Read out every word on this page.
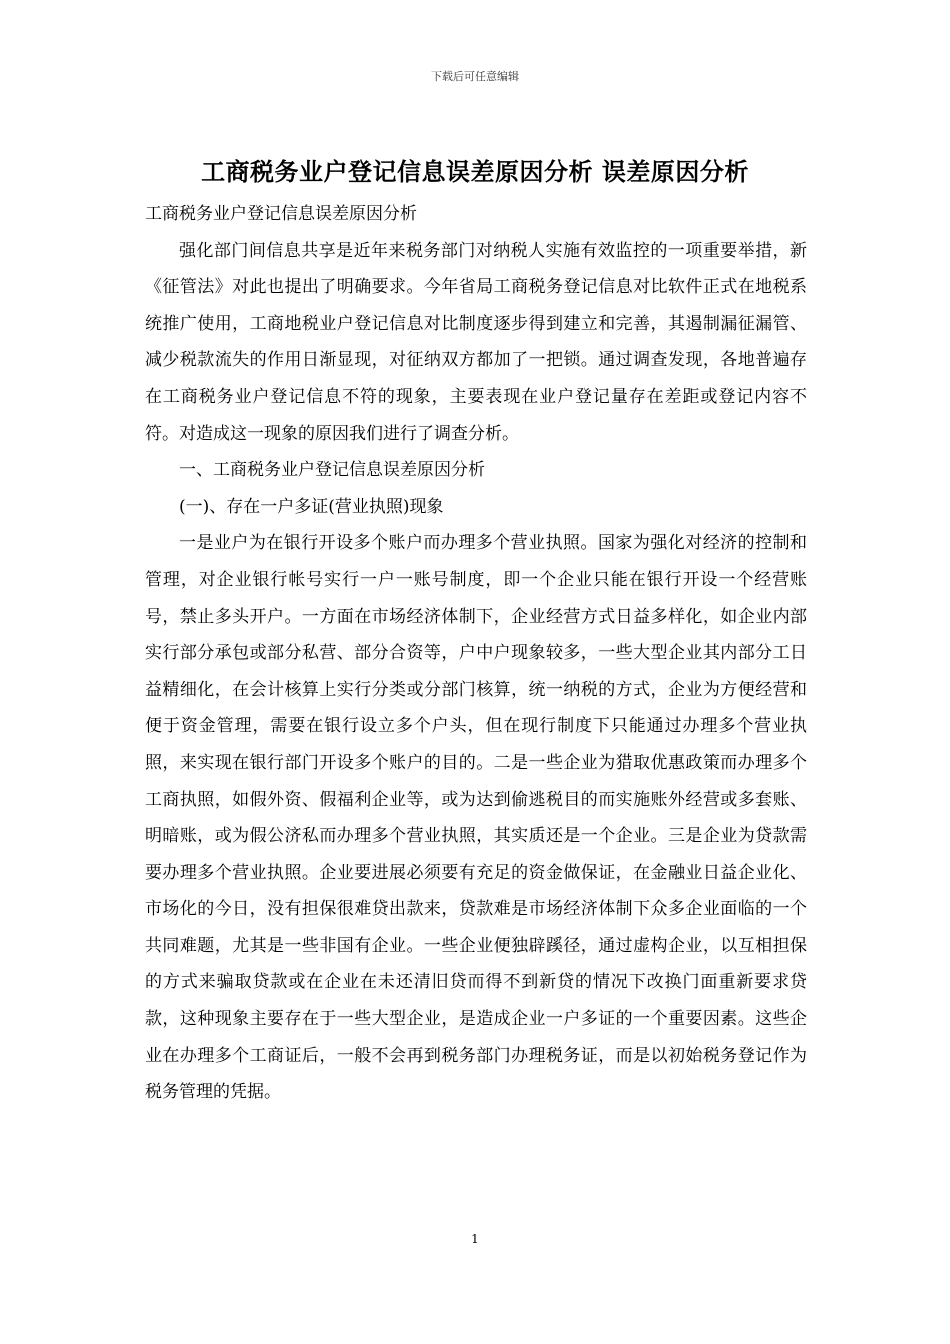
下载后可任意编辑
工商税务业户登记信息误差原因分析 误差原因分析

工商税务业户登记信息误差原因分析

强化部门间信息共享是近年来税务部门对纳税人实施有效监控的一项重要举措，新《征管法》对此也提出了明确要求。今年省局工商税务登记信息对比软件正式在地税系统推广使用，工商地税业户登记信息对比制度逐步得到建立和完善，其遏制漏征漏管、减少税款流失的作用日渐显现，对征纳双方都加了一把锁。通过调查发现，各地普遍存在工商税务业户登记信息不符的现象，主要表现在业户登记量存在差距或登记内容不符。对造成这一现象的原因我们进行了调查分析。

一、工商税务业户登记信息误差原因分析

(一)、存在一户多证(营业执照)现象

一是业户为在银行开设多个账户而办理多个营业执照。国家为强化对经济的控制和管理，对企业银行帐号实行一户一账号制度，即一个企业只能在银行开设一个经营账号，禁止多头开户。一方面在市场经济体制下，企业经营方式日益多样化，如企业内部实行部分承包或部分私营、部分合资等，户中户现象较多，一些大型企业其内部分工日益精细化，在会计核算上实行分类或分部门核算，统一纳税的方式，企业为方便经营和便于资金管理，需要在银行设立多个户头，但在现行制度下只能通过办理多个营业执照，来实现在银行部门开设多个账户的目的。二是一些企业为猎取优惠政策而办理多个工商执照，如假外资、假福利企业等，或为达到偷逃税目的而实施账外经营或多套账、明暗账，或为假公济私而办理多个营业执照，其实质还是一个企业。三是企业为贷款需要办理多个营业执照。企业要进展必须要有充足的资金做保证，在金融业日益企业化、市场化的今日，没有担保很难贷出款来，贷款难是市场经济体制下众多企业面临的一个共同难题，尤其是一些非国有企业。一些企业便独辟蹊径，通过虚构企业，以互相担保的方式来骗取贷款或在企业在未还清旧贷而得不到新贷的情况下改换门面重新要求贷款，这种现象主要存在于一些大型企业，是造成企业一户多证的一个重要因素。这些企业在办理多个工商证后，一般不会再到税务部门办理税务证，而是以初始税务登记作为税务管理的凭据。

1
